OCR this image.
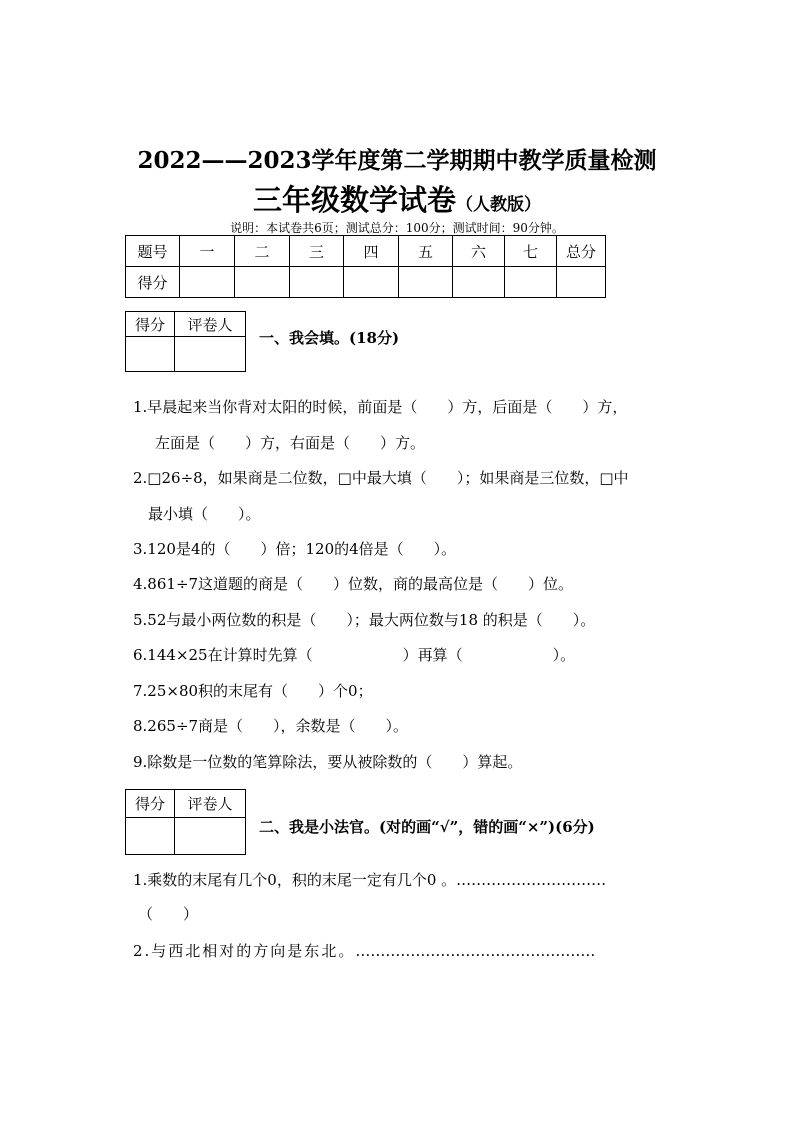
2022——2023学年度第二学期期中教学质量检测
三年级数学试卷（人教版）
说明：本试卷共6页；测试总分：100分；测试时间：90分钟。
题号	一	二	三	四	五	六	七	总分
得分								
得分	评卷人

一、我会填。(18分)
1.早晨起来当你背对太阳的时候，前面是（　　）方，后面是（　　）方，
左面是（　　）方，右面是（　　）方。
2.□26÷8，如果商是二位数，□中最大填（　　）；如果商是三位数，□中
最小填（　　）。
3.120是4的（　　）倍；120的4倍是（　　）。
4.861÷7这道题的商是（　　）位数，商的最高位是（　　）位。
5.52与最小两位数的积是（　　）；最大两位数与18 的积是（　　）。
6.144×25在计算时先算（　　　　　　）再算（　　　　　　）。
7.25×80积的末尾有（　　）个0；
8.265÷7商是（　　），余数是（　　）。
9.除数是一位数的笔算除法，要从被除数的（　　）算起。
得分	评卷人

二、我是小法官。(对的画“√”，错的画“×”)(6分)
1.乘数的末尾有几个0，积的末尾一定有几个0 。…………………………
（　　）
2.与西北相对的方向是东北。…………………………………………
